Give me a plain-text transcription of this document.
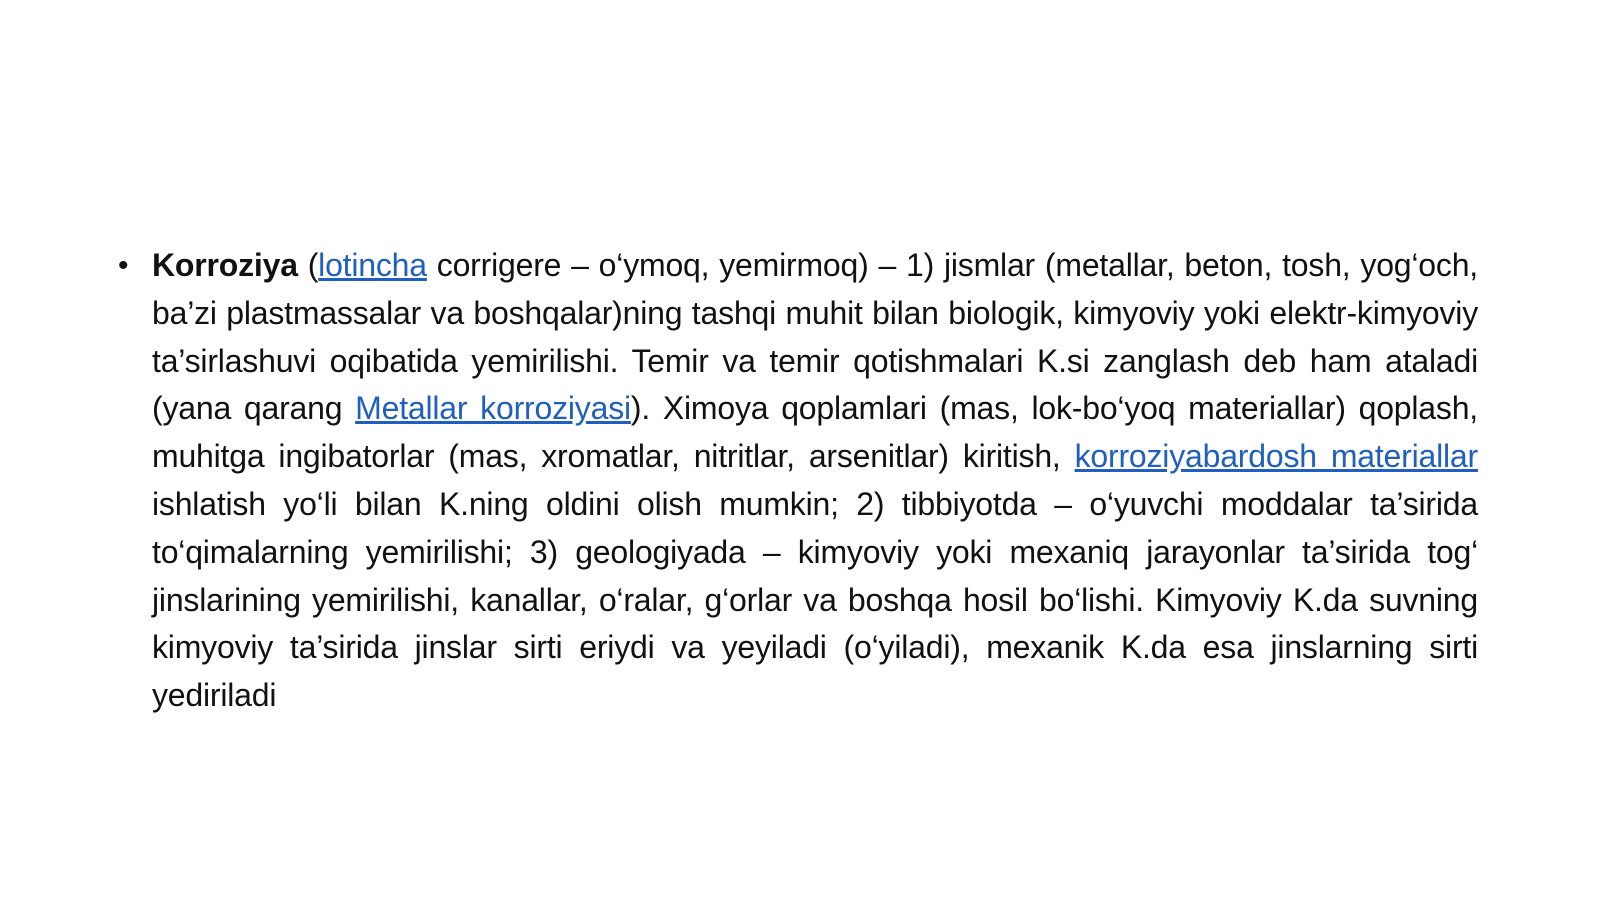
• Korroziya (lotincha corrigere – o‘ymoq, yemirmoq) – 1) jismlar (metallar, beton, tosh, yog‘och, ba’zi plastmassalar va boshqalar)ning tashqi muhit bilan biologik, kimyoviy yoki elektr-kimyoviy ta’sirlashuvi oqibatida yemirilishi. Temir va temir qotishmalari K.si zanglash deb ham ataladi (yana qarang Metallar korroziyasi). Ximoya qoplamlari (mas, lok-bo‘yoq materiallar) qoplash, muhitga ingibatorlar (mas, xromatlar, nitritlar, arsenitlar) kiritish, korroziyabardosh materiallar ishlatish yo‘li bilan K.ning oldini olish mumkin; 2) tibbiyotda – o‘yuvchi moddalar ta’sirida to‘qimalarning yemirilishi; 3) geologiyada – kimyoviy yoki mexaniq jarayonlar ta’sirida tog‘ jinslarining yemirilishi, kanallar, o‘ralar, g‘orlar va boshqa hosil bo‘lishi. Kimyoviy K.da suvning kimyoviy ta’sirida jinslar sirti eriydi va yeyiladi (o‘yiladi), mexanik K.da esa jinslarning sirti yediriladi
